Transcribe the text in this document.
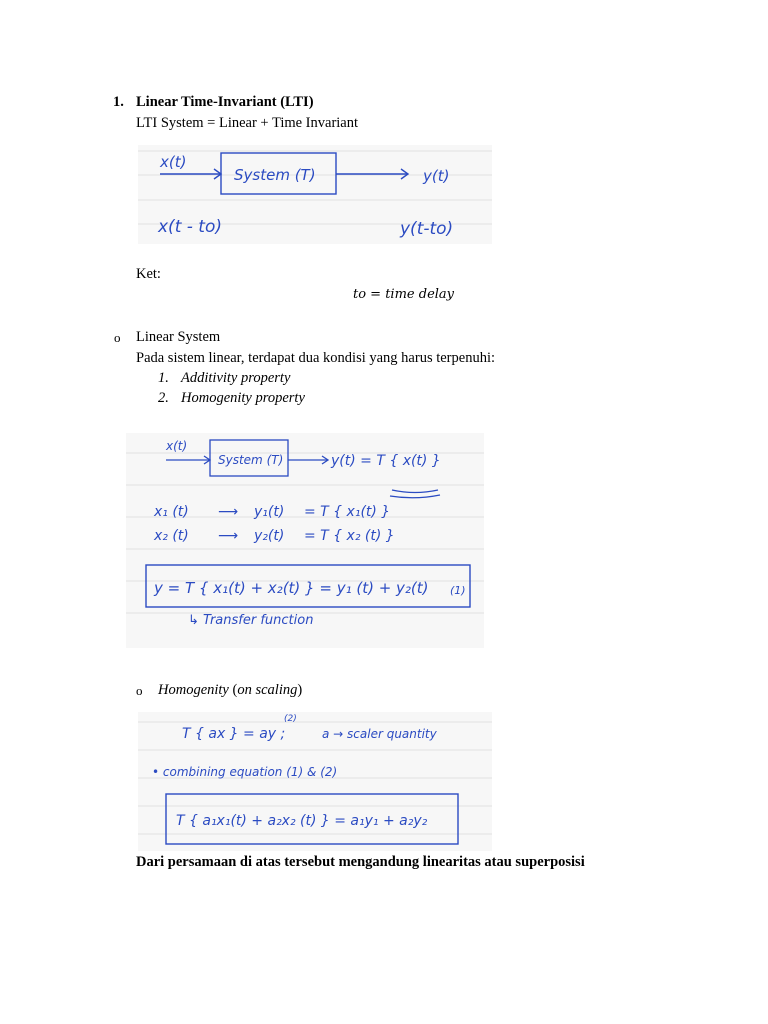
1. Linear Time-Invariant (LTI)
LTI System = Linear + Time Invariant
x(t)
System (T)	y(t)
x(t - to)	y(t-to)
Ket:
to = time delay
o Linear System
Pada sistem linear, terdapat dua kondisi yang harus terpenuhi:
1. Additivity property
2. Homogenity property
x(t)
System (T)	y(t) = T { x(t) }
x₁ (t) ⟶ y₁(t) = T { x₁(t) }
x₂ (t) ⟶ y₂(t) = T { x₂ (t) }
y = T { x₁(t) + x₂(t) } = y₁ (t) + y₂(t) (1)
↳ Transfer function
o Homogenity (on scaling)
(2)
T { ax } = ay ;	a → scaler quantity
• combining equation (1) & (2)
T { a₁x₁(t) + a₂x₂ (t) } = a₁y₁ + a₂y₂
Dari persamaan di atas tersebut mengandung linearitas atau superposisi
